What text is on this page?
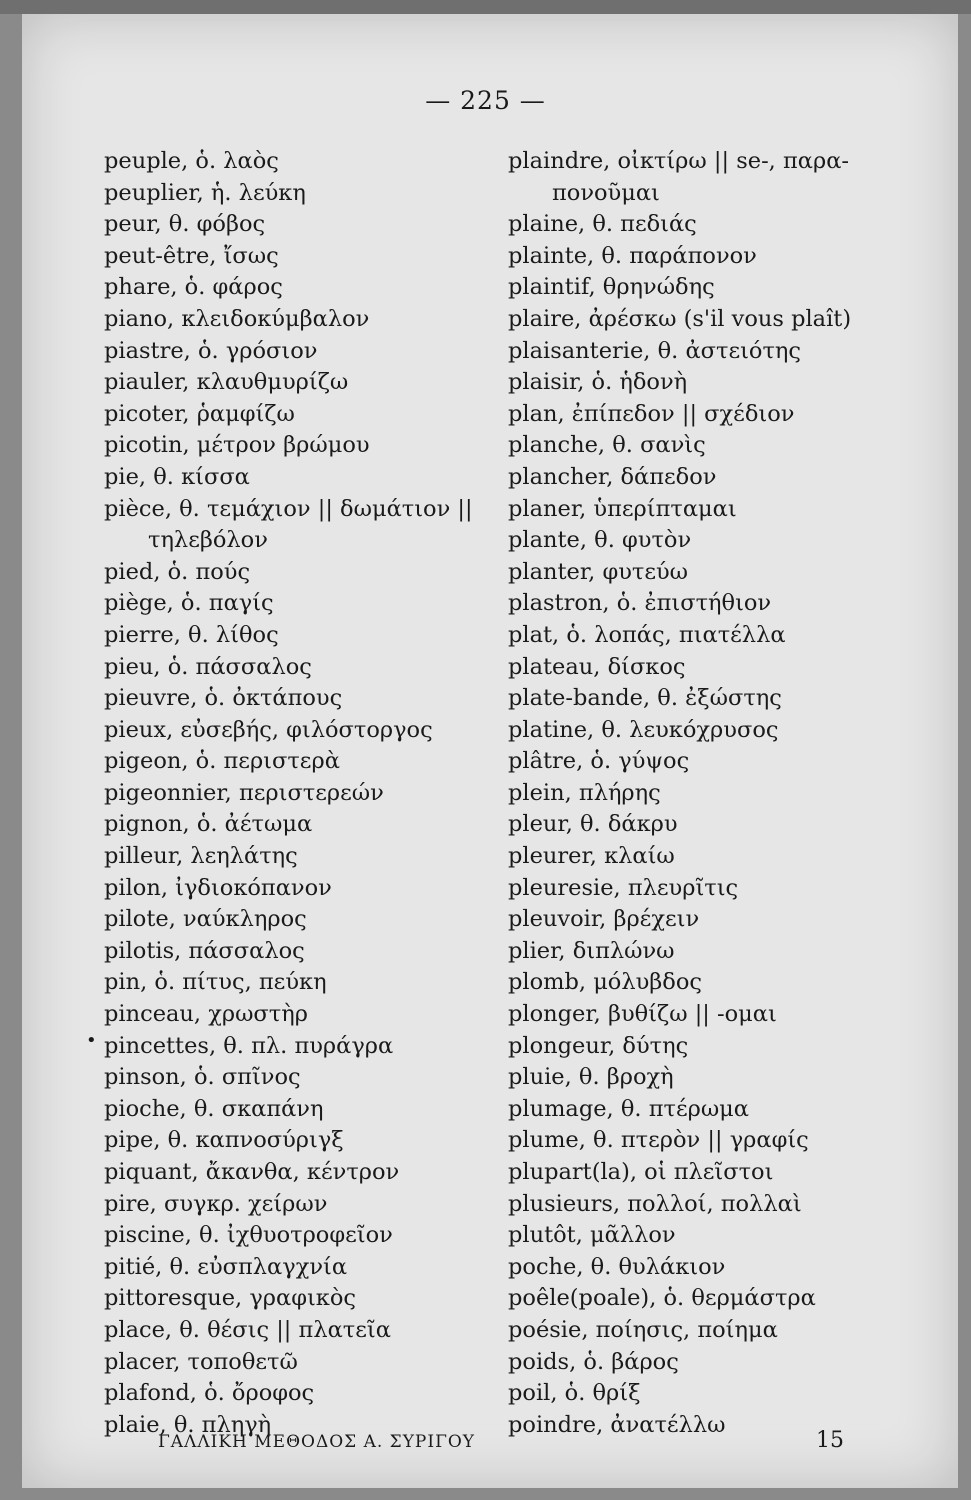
— 225 —
peuple, ὁ. λαὸς
peuplier, ἡ. λεύκη
peur, θ. φόβος
peut-être, ἴσως
phare, ὁ. φάρος
piano, κλειδοκύμβαλον
piastre, ὁ. γρόσιον
piauler, κλαυθμυρίζω
picoter, ῥαμφίζω
picotin, μέτρον βρώμου
pie, θ. κίσσα
pièce, θ. τεμάχιον || δωμάτιον ||
τηλεβόλον
pied, ὁ. πούς
piège, ὁ. παγίς
pierre, θ. λίθος
pieu, ὁ. πάσσαλος
pieuvre, ὁ. ὀκτάπους
pieux, εὐσεβής, φιλόστοργος
pigeon, ὁ. περιστερὰ
pigeonnier, περιστερεών
pignon, ὁ. ἀέτωμα
pilleur, λεηλάτης
pilon, ἰγδιοκόπανον
pilote, ναύκληρος
pilotis, πάσσαλος
pin, ὁ. πίτυς, πεύκη
pinceau, χρωστὴρ
pincettes, θ. πλ. πυράγρα
pinson, ὁ. σπῖνος
pioche, θ. σκαπάνη
pipe, θ. καπνοσύριγξ
piquant, ἄκανθα, κέντρον
pire, συγκρ. χείρων
piscine, θ. ἰχθυοτροφεῖον
pitié, θ. εὐσπλαγχνία
pittoresque, γραφικὸς
place, θ. θέσις || πλατεῖα
placer, τοποθετῶ
plafond, ὁ. ὄροφος
plaie, θ. πληγὴ
plaindre, οἰκτίρω || se-, παρα-
πονοῦμαι
plaine, θ. πεδιάς
plainte, θ. παράπονον
plaintif, θρηνώδης
plaire, ἀρέσκω (s'il vous plaît)
plaisanterie, θ. ἀστειότης
plaisir, ὁ. ἡδονὴ
plan, ἐπίπεδον || σχέδιον
planche, θ. σανὶς
plancher, δάπεδον
planer, ὑπερίπταμαι
plante, θ. φυτὸν
planter, φυτεύω
plastron, ὁ. ἐπιστήθιον
plat, ὁ. λοπάς, πιατέλλα
plateau, δίσκος
plate-bande, θ. ἐξώστης
platine, θ. λευκόχρυσος
plâtre, ὁ. γύψος
plein, πλήρης
pleur, θ. δάκρυ
pleurer, κλαίω
pleuresie, πλευρῖτις
pleuvoir, βρέχειν
plier, διπλώνω
plomb, μόλυβδος
plonger, βυθίζω || -ομαι
plongeur, δύτης
pluie, θ. βροχὴ
plumage, θ. πτέρωμα
plume, θ. πτερὸν || γραφίς
plupart(la), οἱ πλεῖστοι
plusieurs, πολλοί, πολλαὶ
plutôt, μᾶλλον
poche, θ. θυλάκιον
poêle(poale), ὁ. θερμάστρα
poésie, ποίησις, ποίημα
poids, ὁ. βάρος
poil, ὁ. θρίξ
poindre, ἀνατέλλω
•
ΓΑΛΛΙΚΗ ΜΕΘΟΔΟΣ Α. ΣΥΡΙΓΟΥ	15
